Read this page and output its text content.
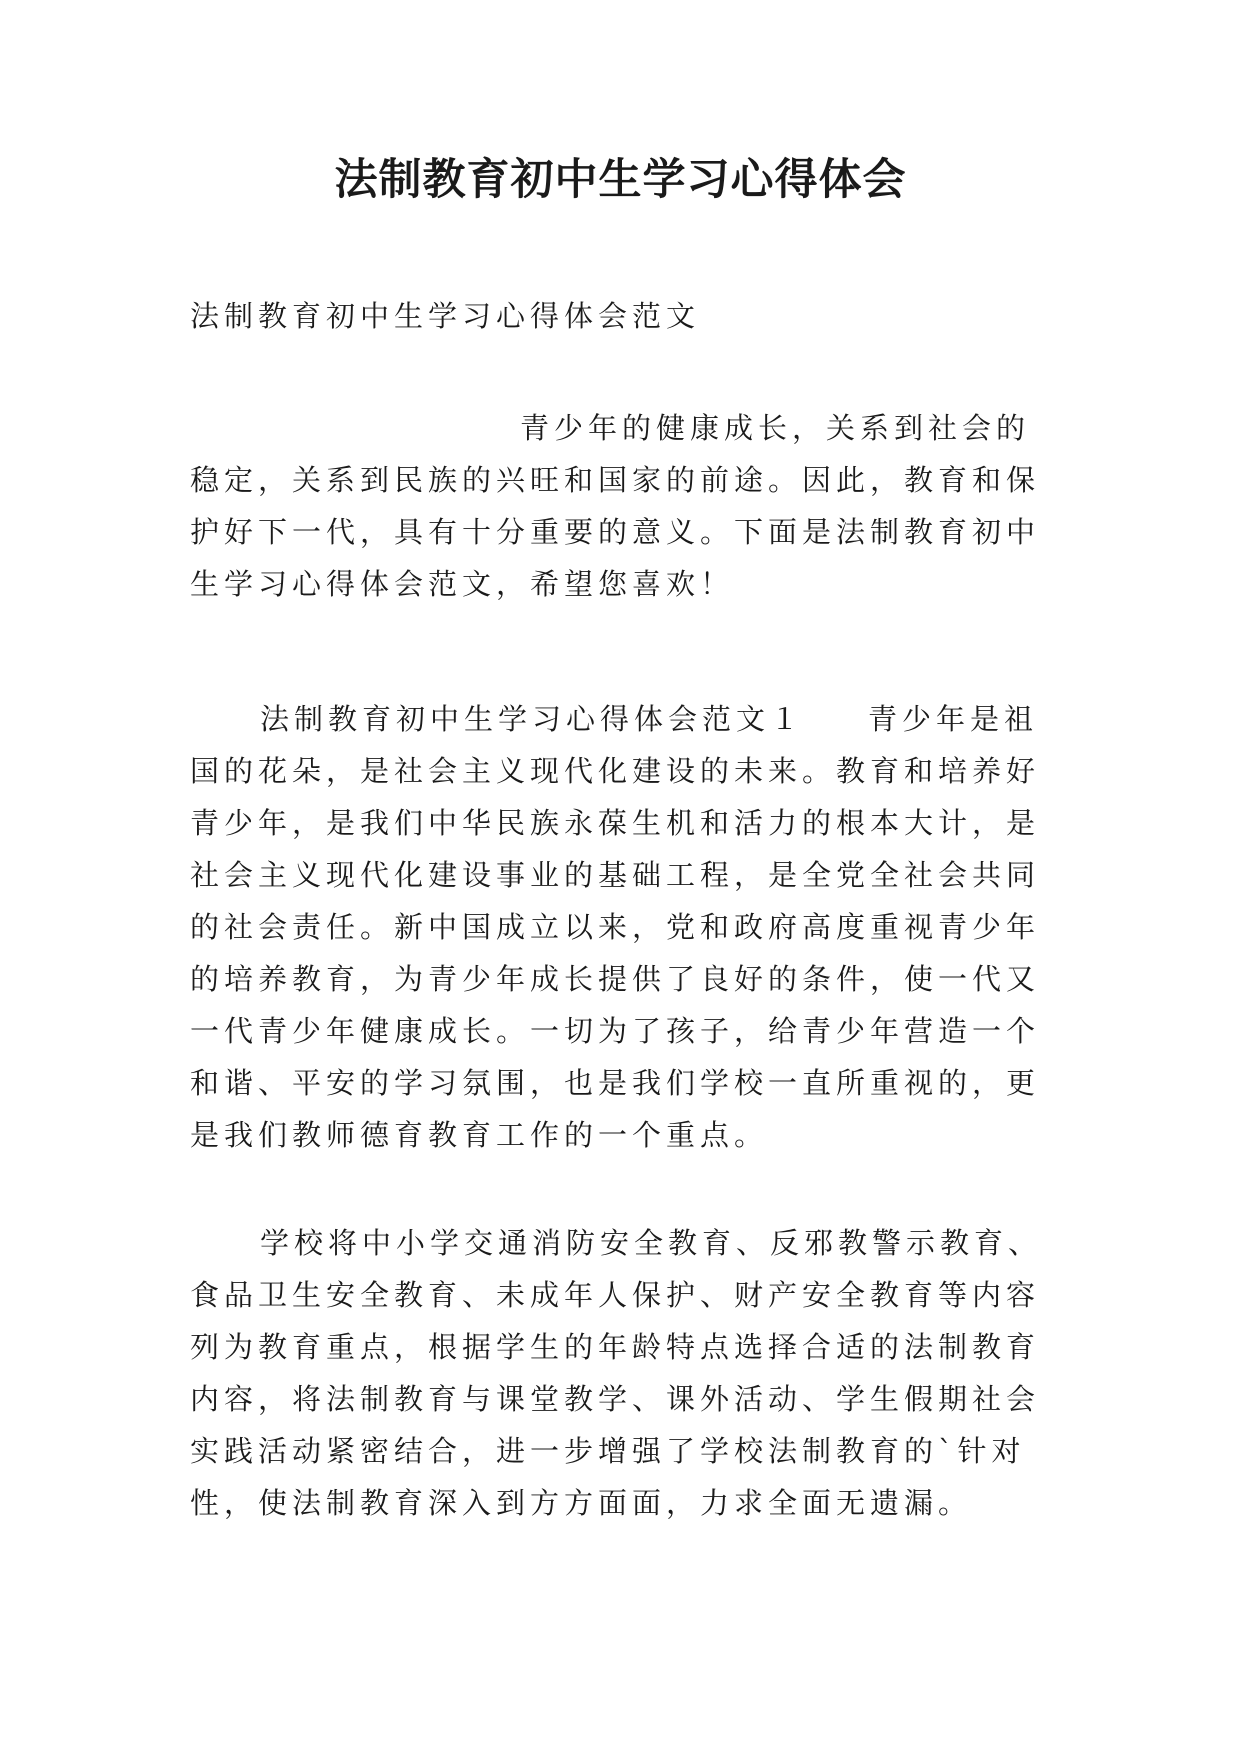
法制教育初中生学习心得体会

法制教育初中生学习心得体会范文

青少年的健康成长，关系到社会的稳定，关系到民族的兴旺和国家的前途。因此，教育和保护好下一代，具有十分重要的意义。下面是法制教育初中生学习心得体会范文，希望您喜欢！

法制教育初中生学习心得体会范文１ 青少年是祖国的花朵，是社会主义现代化建设的未来。教育和培养好青少年，是我们中华民族永葆生机和活力的根本大计，是社会主义现代化建设事业的基础工程，是全党全社会共同的社会责任。新中国成立以来，党和政府高度重视青少年的培养教育，为青少年成长提供了良好的条件，使一代又一代青少年健康成长。一切为了孩子，给青少年营造一个和谐、平安的学习氛围，也是我们学校一直所重视的，更是我们教师德育教育工作的一个重点。

学校将中小学交通消防安全教育、反邪教警示教育、食品卫生安全教育、未成年人保护、财产安全教育等内容列为教育重点，根据学生的年龄特点选择合适的法制教育内容，将法制教育与课堂教学、课外活动、学生假期社会实践活动紧密结合，进一步增强了学校法制教育的`针对性，使法制教育深入到方方面面，力求全面无遗漏。
